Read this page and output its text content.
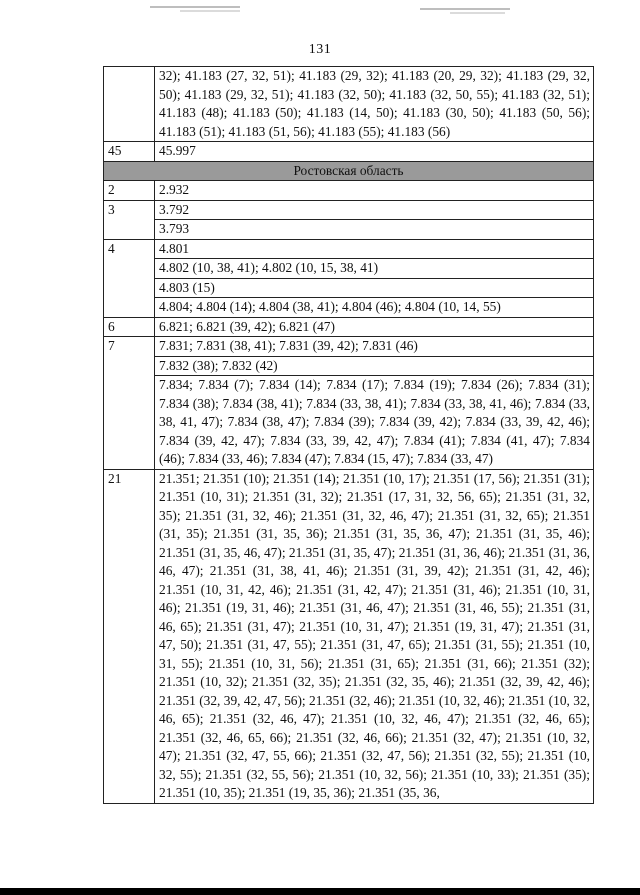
131
	32); 41.183 (27, 32, 51); 41.183 (29, 32); 41.183 (20, 29, 32); 41.183 (29, 32, 50); 41.183 (29, 32, 51); 41.183 (32, 50); 41.183 (32, 50, 55); 41.183 (32, 51); 41.183 (48); 41.183 (50); 41.183 (14, 50); 41.183 (30, 50); 41.183 (50, 56); 41.183 (51); 41.183 (51, 56); 41.183 (55); 41.183 (56)
45	45.997
Ростовская область	
2	2.932
3	3.792
	3.793
4	4.801
	4.802 (10, 38, 41); 4.802 (10, 15, 38, 41)
	4.803 (15)
	4.804; 4.804 (14); 4.804 (38, 41); 4.804 (46); 4.804 (10, 14, 55)
6	6.821; 6.821 (39, 42); 6.821 (47)
7	7.831; 7.831 (38, 41); 7.831 (39, 42); 7.831 (46)
	7.832 (38); 7.832 (42)
	7.834; 7.834 (7); 7.834 (14); 7.834 (17); 7.834 (19); 7.834 (26); 7.834 (31); 7.834 (38); 7.834 (38, 41); 7.834 (33, 38, 41); 7.834 (33, 38, 41, 46); 7.834 (33, 38, 41, 47); 7.834 (38, 47); 7.834 (39); 7.834 (39, 42); 7.834 (33, 39, 42, 46); 7.834 (39, 42, 47); 7.834 (33, 39, 42, 47); 7.834 (41); 7.834 (41, 47); 7.834 (46); 7.834 (33, 46); 7.834 (47); 7.834 (15, 47); 7.834 (33, 47)
21	21.351; 21.351 (10); 21.351 (14); 21.351 (10, 17); 21.351 (17, 56); 21.351 (31); 21.351 (10, 31); 21.351 (31, 32); 21.351 (17, 31, 32, 56, 65); 21.351 (31, 32, 35); 21.351 (31, 32, 46); 21.351 (31, 32, 46, 47); 21.351 (31, 32, 65); 21.351 (31, 35); 21.351 (31, 35, 36); 21.351 (31, 35, 36, 47); 21.351 (31, 35, 46); 21.351 (31, 35, 46, 47); 21.351 (31, 35, 47); 21.351 (31, 36, 46); 21.351 (31, 36, 46, 47); 21.351 (31, 38, 41, 46); 21.351 (31, 39, 42); 21.351 (31, 42, 46); 21.351 (10, 31, 42, 46); 21.351 (31, 42, 47); 21.351 (31, 46); 21.351 (10, 31, 46); 21.351 (19, 31, 46); 21.351 (31, 46, 47); 21.351 (31, 46, 55); 21.351 (31, 46, 65); 21.351 (31, 47); 21.351 (10, 31, 47); 21.351 (19, 31, 47); 21.351 (31, 47, 50); 21.351 (31, 47, 55); 21.351 (31, 47, 65); 21.351 (31, 55); 21.351 (10, 31, 55); 21.351 (10, 31, 56); 21.351 (31, 65); 21.351 (31, 66); 21.351 (32); 21.351 (10, 32); 21.351 (32, 35); 21.351 (32, 35, 46); 21.351 (32, 39, 42, 46); 21.351 (32, 39, 42, 47, 56); 21.351 (32, 46); 21.351 (10, 32, 46); 21.351 (10, 32, 46, 65); 21.351 (32, 46, 47); 21.351 (10, 32, 46, 47); 21.351 (32, 46, 65); 21.351 (32, 46, 65, 66); 21.351 (32, 46, 66); 21.351 (32, 47); 21.351 (10, 32, 47); 21.351 (32, 47, 55, 66); 21.351 (32, 47, 56); 21.351 (32, 55); 21.351 (10, 32, 55); 21.351 (32, 55, 56); 21.351 (10, 32, 56); 21.351 (10, 33); 21.351 (35); 21.351 (10, 35); 21.351 (19, 35, 36); 21.351 (35, 36,
